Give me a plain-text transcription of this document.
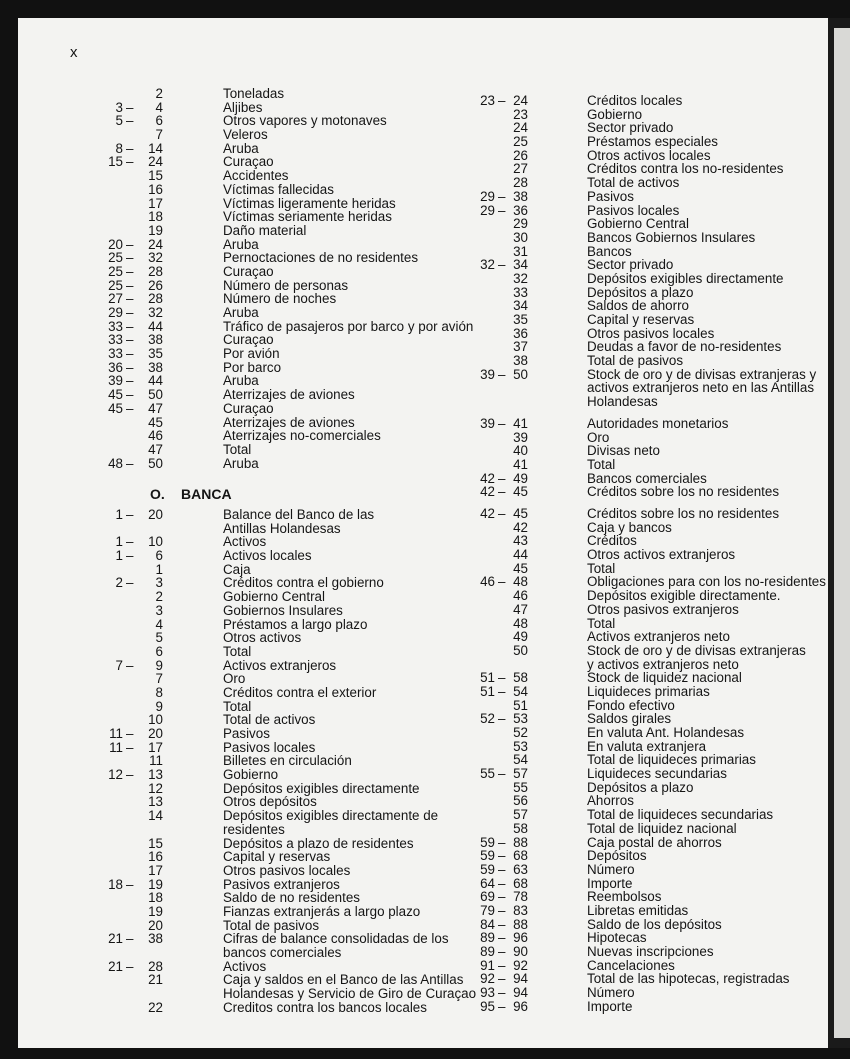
x
2	Toneladas
3 –	4	Aljibes
5 –	6	Otros vapores y motonaves
7	Veleros
8 –	14	Aruba
15 –	24	Curaçao
15	Accidentes
16	Víctimas fallecidas
17	Víctimas ligeramente heridas
18	Víctimas seriamente heridas
19	Daño material
20 –	24	Aruba
25 –	32	Pernoctaciones de no residentes
25 –	28	Curaçao
25 –	26	Número de personas
27 –	28	Número de noches
29 –	32	Aruba
33 –	44	Tráfico de pasajeros por barco y por avión
33 –	38	Curaçao
33 –	35	Por avión
36 –	38	Por barco
39 –	44	Aruba
45 –	50	Aterrizajes de aviones
45 –	47	Curaçao
45	Aterrizajes de aviones
46	Aterrizajes no-comerciales
47	Total
48 –	50	Aruba
O. BANCA
1 –	20	Balance del Banco de las
Antillas Holandesas
1 –	10	Activos
1 –	6	Activos locales
1	Caja
2 –	3	Créditos contra el gobierno
2	Gobierno Central
3	Gobiernos Insulares
4	Préstamos a largo plazo
5	Otros activos
6	Total
7 –	9	Activos extranjeros
7	Oro
8	Créditos contra el exterior
9	Total
10	Total de activos
11 –	20	Pasivos
11 –	17	Pasivos locales
11	Billetes en circulación
12 –	13	Gobierno
12	Depósitos exigibles directamente
13	Otros depósitos
14	Depósitos exigibles directamente de
residentes
15	Depósitos a plazo de residentes
16	Capital y reservas
17	Otros pasivos locales
18 –	19	Pasivos extranjeros
18	Saldo de no residentes
19	Fianzas extranjerás a largo plazo
20	Total de pasivos
21 –	38	Cifras de balance consolidadas de los
bancos comerciales
21 –	28	Activos
21	Caja y saldos en el Banco de las Antillas
Holandesas y Servicio de Giro de Curaçao
22	Creditos contra los bancos locales
23 – 24	Créditos locales
23	Gobierno
24	Sector privado
25	Préstamos especiales
26	Otros activos locales
27	Créditos contra los no-residentes
28	Total de activos
29 – 38	Pasivos
29 – 36	Pasivos locales
29	Gobierno Central
30	Bancos Gobiernos Insulares
31	Bancos
32 – 34	Sector privado
32	Depósitos exigibles directamente
33	Depósitos a plazo
34	Saldos de ahorro
35	Capital y reservas
36	Otros pasivos locales
37	Deudas a favor de no-residentes
38	Total de pasivos
39 – 50	Stock de oro y de divisas extranjeras y
activos extranjeros neto en las Antillas
Holandesas
39 – 41	Autoridades monetarios
39	Oro
40	Divisas neto
41	Total
42 – 49	Bancos comerciales
42 – 45	Créditos sobre los no residentes
42 – 45	Créditos sobre los no residentes
42	Caja y bancos
43	Créditos
44	Otros activos extranjeros
45	Total
46 – 48	Obligaciones para con los no-residentes
46	Depósitos exigible directamente.
47	Otros pasivos extranjeros
48	Total
49	Activos extranjeros neto
50	Stock de oro y de divisas extranjeras
y activos extranjeros neto
51 – 58	Stock de liquidez nacional
51 – 54	Liquideces primarias
51	Fondo efectivo
52 – 53	Saldos girales
52	En valuta Ant. Holandesas
53	En valuta extranjera
54	Total de liquideces primarias
55 – 57	Liquideces secundarias
55	Depósitos a plazo
56	Ahorros
57	Total de liquideces secundarias
58	Total de liquidez nacional
59 – 88	Caja postal de ahorros
59 – 68	Depósitos
59 – 63	Número
64 – 68	Importe
69 – 78	Reembolsos
79 – 83	Libretas emitidas
84 – 88	Saldo de los depósitos
89 – 96	Hipotecas
89 – 90	Nuevas inscripciones
91 – 92	Cancelaciones
92 – 94	Total de las hipotecas, registradas
93 – 94	Número
95 – 96	Importe
